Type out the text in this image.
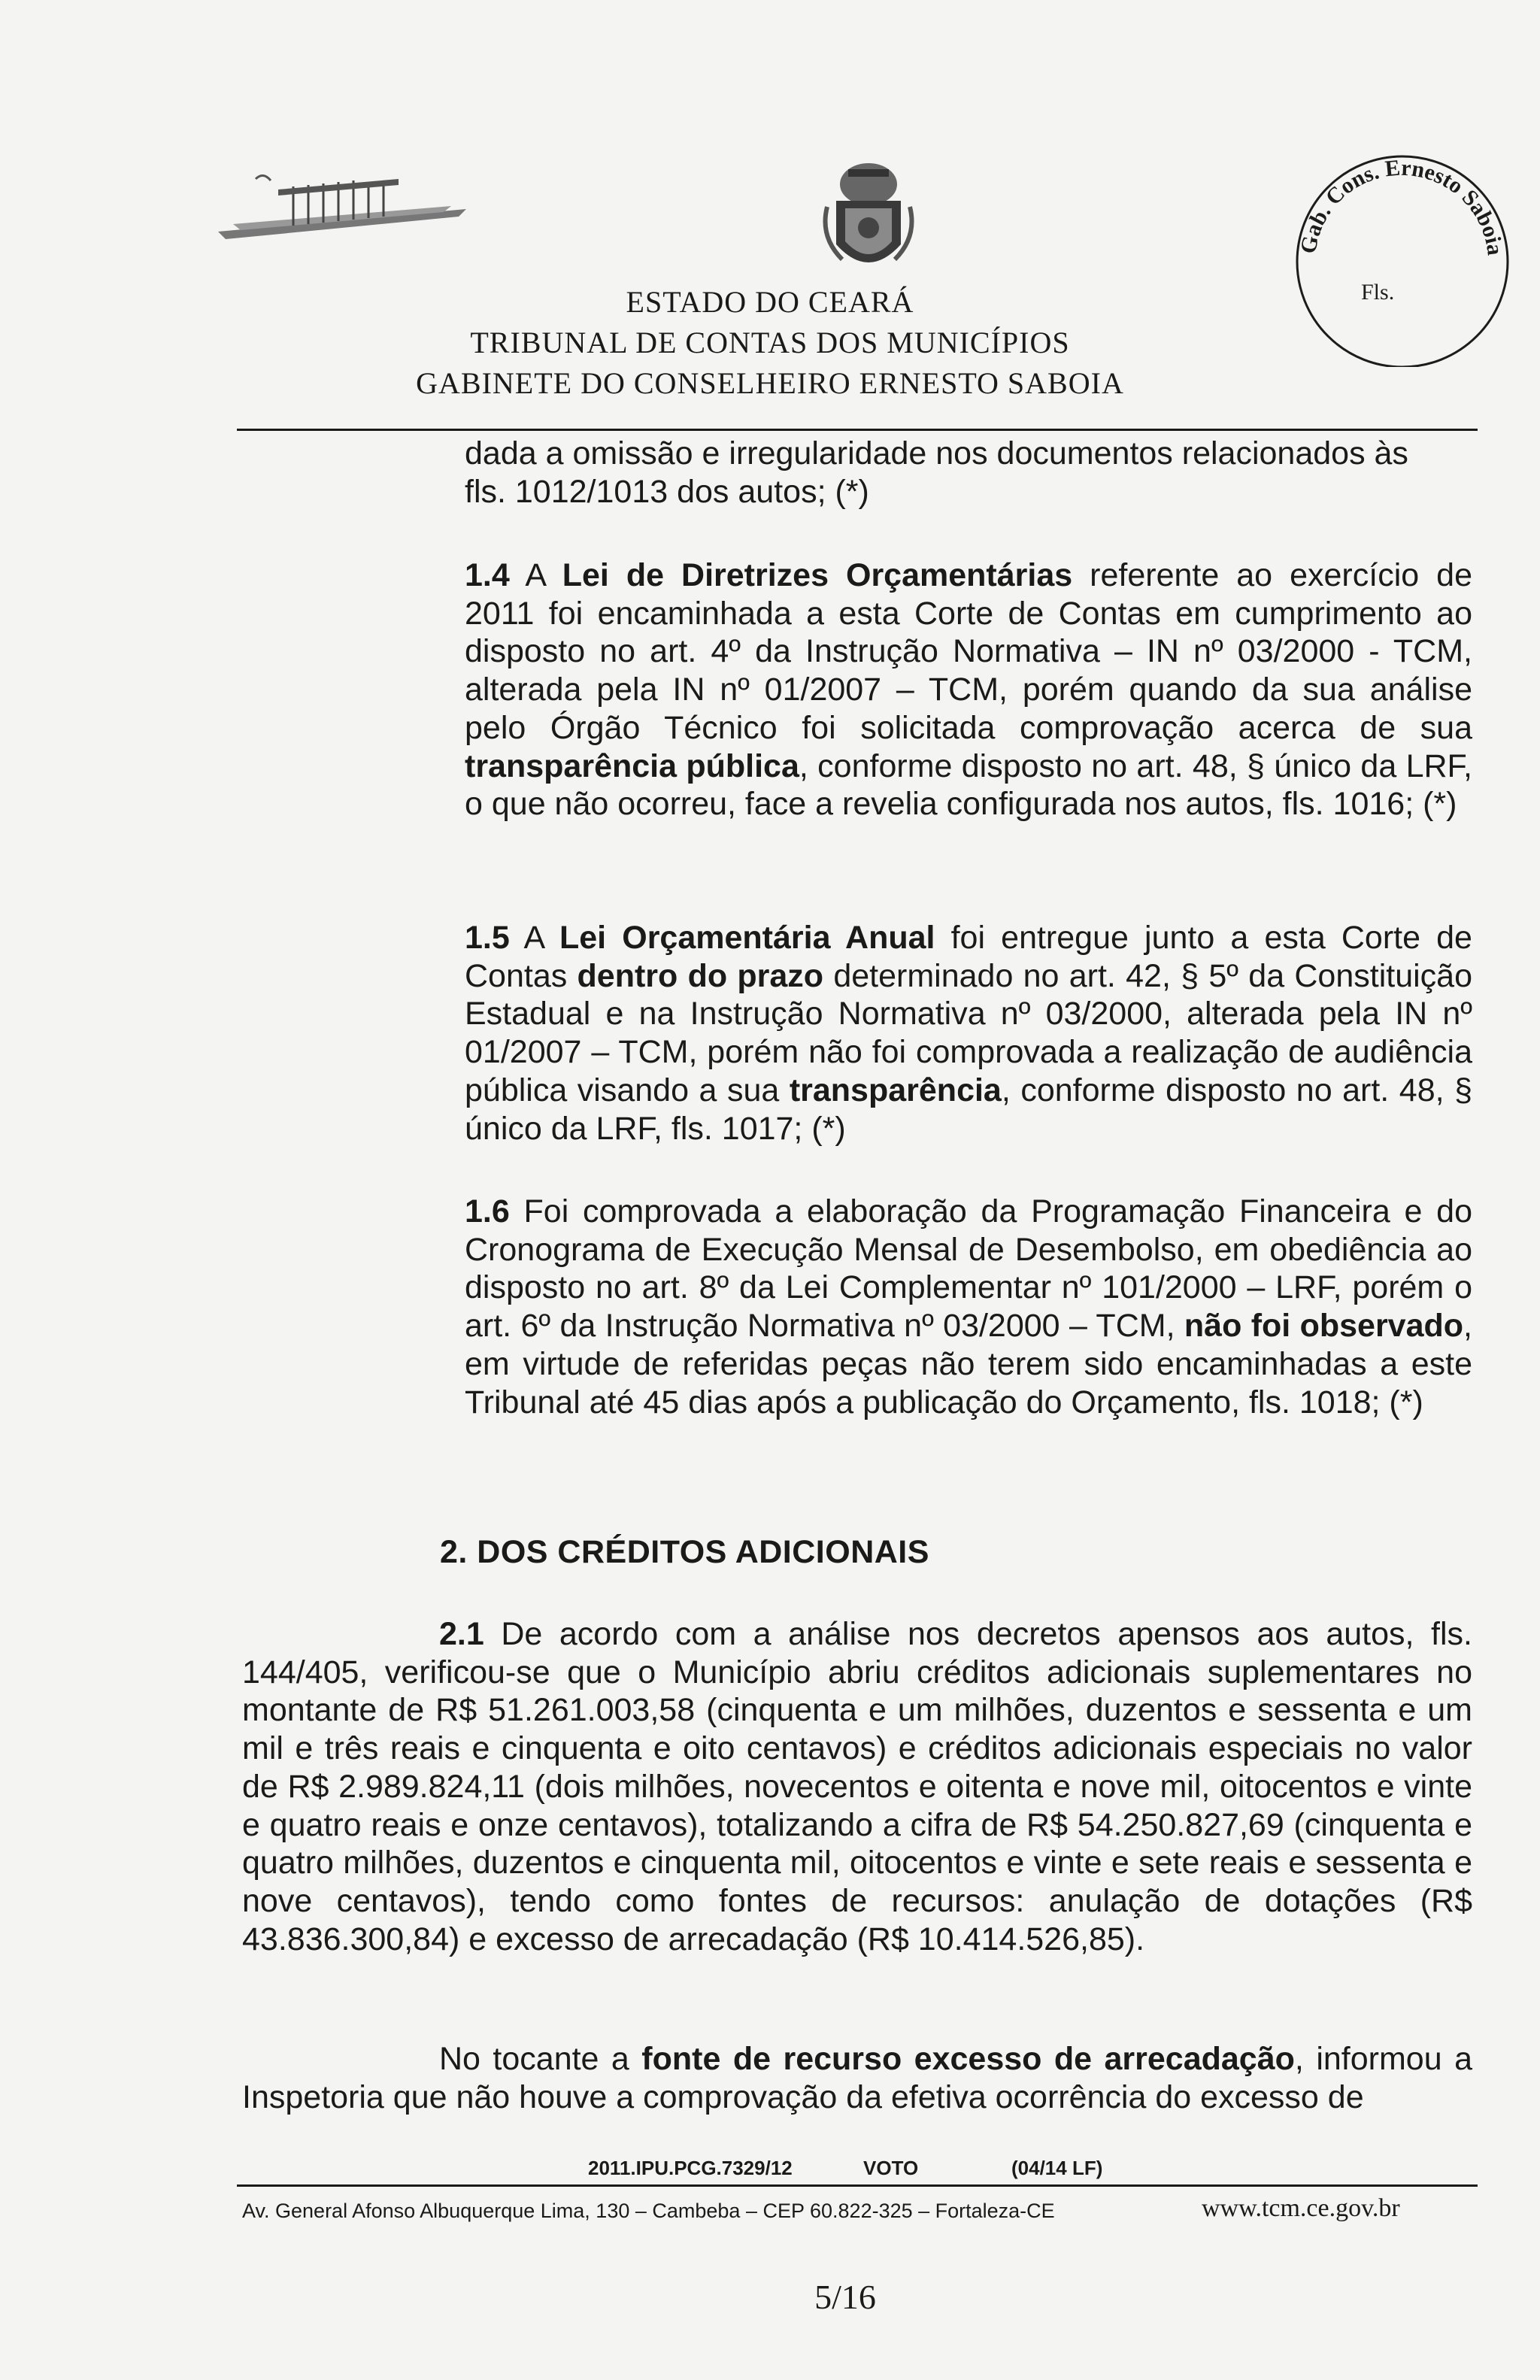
ESTADO DO CEARÁ
TRIBUNAL DE CONTAS DOS MUNICÍPIOS
GABINETE DO CONSELHEIRO ERNESTO SABOIA
Gab. Cons. Ernesto Saboia
Fls.
dada a omissão e irregularidade nos documentos relacionados às
fls. 1012/1013 dos autos; (*)
1.4 A Lei de Diretrizes Orçamentárias referente ao exercício de 2011 foi encaminhada a esta Corte de Contas em cumprimento ao disposto no art. 4º da Instrução Normativa – IN nº 03/2000 - TCM, alterada pela IN nº 01/2007 – TCM, porém quando da sua análise pelo Órgão Técnico foi solicitada comprovação acerca de sua transparência pública, conforme disposto no art. 48, § único da LRF, o que não ocorreu, face a revelia configurada nos autos, fls. 1016; (*)
1.5 A Lei Orçamentária Anual foi entregue junto a esta Corte de Contas dentro do prazo determinado no art. 42, § 5º da Constituição Estadual e na Instrução Normativa nº 03/2000, alterada pela IN nº 01/2007 – TCM, porém não foi comprovada a realização de audiência pública visando a sua transparência, conforme disposto no art. 48, § único da LRF, fls. 1017; (*)
1.6 Foi comprovada a elaboração da Programação Financeira e do Cronograma de Execução Mensal de Desembolso, em obediência ao disposto no art. 8º da Lei Complementar nº 101/2000 – LRF, porém o art. 6º da Instrução Normativa nº 03/2000 – TCM, não foi observado, em virtude de referidas peças não terem sido encaminhadas a este Tribunal até 45 dias após a publicação do Orçamento, fls. 1018; (*)
2. DOS CRÉDITOS ADICIONAIS
2.1 De acordo com a análise nos decretos apensos aos autos, fls. 144/405, verificou-se que o Município abriu créditos adicionais suplementares no montante de R$ 51.261.003,58 (cinquenta e um milhões, duzentos e sessenta e um mil e três reais e cinquenta e oito centavos) e créditos adicionais especiais no valor de R$ 2.989.824,11 (dois milhões, novecentos e oitenta e nove mil, oitocentos e vinte e quatro reais e onze centavos), totalizando a cifra de R$ 54.250.827,69 (cinquenta e quatro milhões, duzentos e cinquenta mil, oitocentos e vinte e sete reais e sessenta e nove centavos), tendo como fontes de recursos: anulação de dotações (R$ 43.836.300,84) e excesso de arrecadação (R$ 10.414.526,85).
No tocante a fonte de recurso excesso de arrecadação, informou a Inspetoria que não houve a comprovação da efetiva ocorrência do excesso de
2011.IPU.PCG.7329/12	VOTO	(04/14 LF)
Av. General Afonso Albuquerque Lima, 130 – Cambeba – CEP 60.822-325 – Fortaleza-CE	www.tcm.ce.gov.br
5/16
